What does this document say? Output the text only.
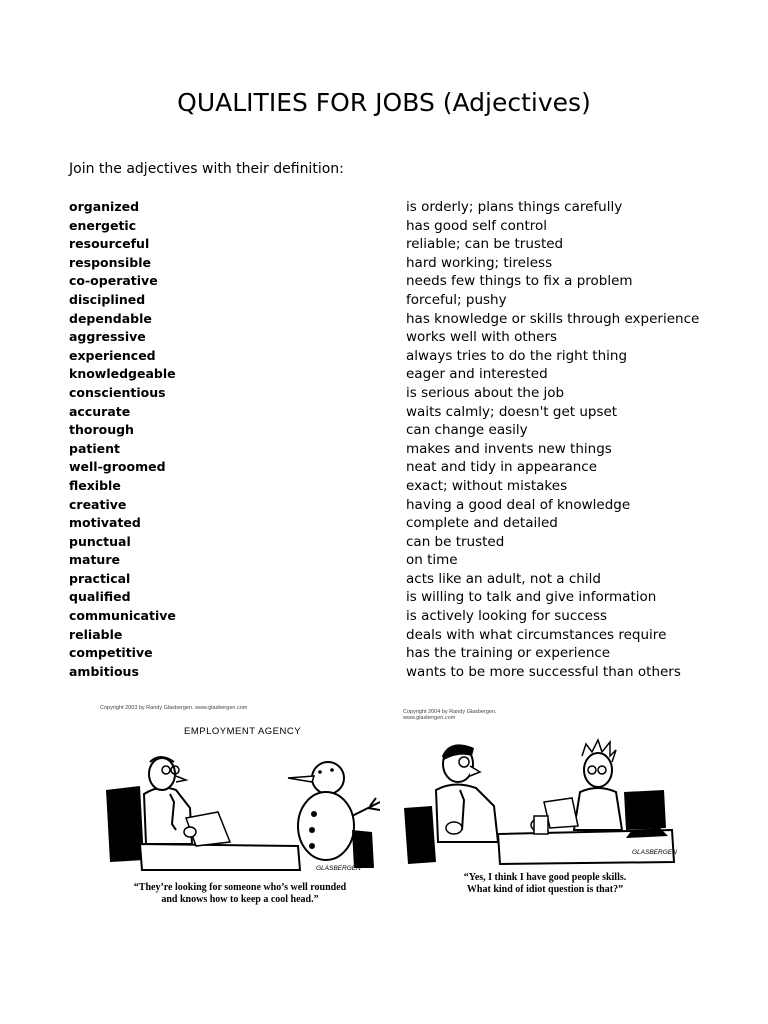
QUALITIES FOR JOBS (Adjectives)
Join the adjectives with their definition:
organized
energetic
resourceful
responsible
co-operative
disciplined
dependable
aggressive
experienced
knowledgeable
conscientious
accurate
thorough
patient
well-groomed
flexible
creative
motivated
punctual
mature
practical
qualified
communicative
reliable
competitive
ambitious
is orderly; plans things carefully
has good self control
reliable; can be trusted
hard working; tireless
needs few things to fix a problem
forceful; pushy
has knowledge or skills through experience
works well with others
always tries to do the right thing
eager and interested
is serious about the job
waits calmly; doesn't get upset
can change easily
makes and invents new things
neat and tidy in appearance
exact; without mistakes
having a good deal of knowledge
complete and detailed
can be trusted
on time
acts like an adult, not a child
is willing to talk and give information
is actively looking for success
deals with what circumstances require
has the training or experience
wants to be more successful than others
Copyright 2003 by Randy Glasbergen. www.glasbergen.com
EMPLOYMENT AGENCY
GLASBERGEN
“They’re looking for someone who’s well rounded
and knows how to keep a cool head.”
Copyright 2004 by Randy Glasbergen.
www.glasbergen.com
GLASBERGEN
“Yes, I think I have good people skills.
What kind of idiot question is that?”
